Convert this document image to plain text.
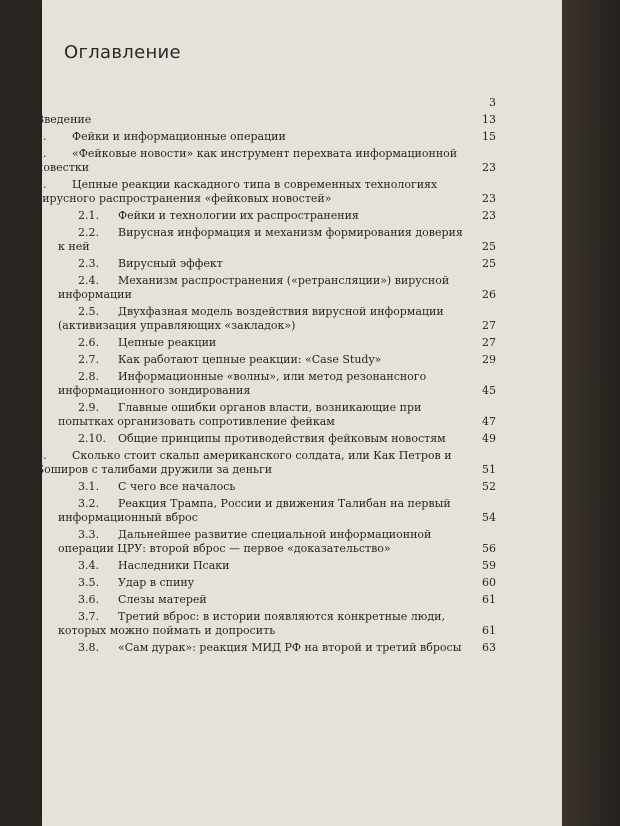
Оглавление
3
Введение	13
1. Фейки и информационные операции	15
1. «Фейковые новости» как инструмент перехвата информационной повестки	23
2. Цепные реакции каскадного типа в современных технологиях вирусного распространения «фейковых новостей»	23
2.1. Фейки и технологии их распространения	23
2.2. Вирусная информация и механизм формирования доверия к ней	25
2.3. Вирусный эффект	25
2.4. Механизм распространения («ретрансляции») вирусной информации	26
2.5. Двухфазная модель воздействия вирусной информации (активизация управляющих «закладок»)	27
2.6. Цепные реакции	27
2.7. Как работают цепные реакции: «Case Study»	29
2.8. Информационные «волны», или метод резонансного информационного зондирования	45
2.9. Главные ошибки органов власти, возникающие при попытках организовать сопротивление фейкам	47
2.10. Общие принципы противодействия фейковым новостям	49
3. Сколько стоит скальп американского солдата, или Как Петров и Боширов с талибами дружили за деньги	51
3.1. С чего все началось	52
3.2. Реакция Трампа, России и движения Талибан на первый информационный вброс	54
3.3. Дальнейшее развитие специальной информационной операции ЦРУ: второй вброс — первое «доказательство»	56
3.4. Наследники Псаки	59
3.5. Удар в спину	60
3.6. Слезы матерей	61
3.7. Третий вброс: в истории появляются конкретные люди, которых можно поймать и допросить	61
3.8. «Сам дурак»: реакция МИД РФ на второй и третий вбросы	63
